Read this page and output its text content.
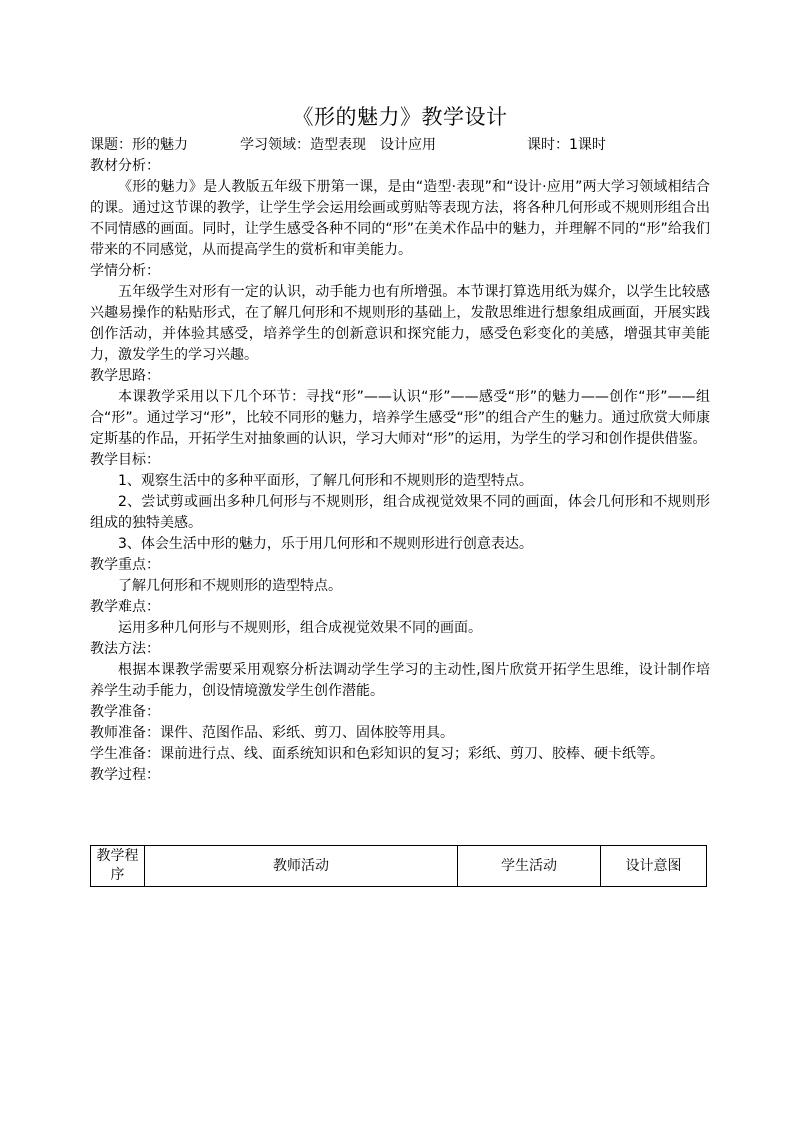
《形的魅力》教学设计
课题：形的魅力	学习领域：造型表现　设计应用	课时：1课时

教材分析：

《形的魅力》是人教版五年级下册第一课，是由“造型·表现”和“设计·应用”两大学习领域相结合的课。通过这节课的教学，让学生学会运用绘画或剪贴等表现方法，将各种几何形或不规则形组合出不同情感的画面。同时，让学生感受各种不同的“形”在美术作品中的魅力，并理解不同的“形”给我们带来的不同感觉，从而提高学生的赏析和审美能力。

学情分析：

五年级学生对形有一定的认识，动手能力也有所增强。本节课打算选用纸为媒介，以学生比较感兴趣易操作的粘贴形式，在了解几何形和不规则形的基础上，发散思维进行想象组成画面，开展实践创作活动，并体验其感受，培养学生的创新意识和探究能力，感受色彩变化的美感，增强其审美能力，激发学生的学习兴趣。

教学思路：

本课教学采用以下几个环节：寻找“形”——认识“形”——感受“形”的魅力——创作“形”——组合“形”。通过学习“形”，比较不同形的魅力，培养学生感受“形”的组合产生的魅力。通过欣赏大师康定斯基的作品，开拓学生对抽象画的认识，学习大师对“形”的运用，为学生的学习和创作提供借鉴。

教学目标：

1、观察生活中的多种平面形，了解几何形和不规则形的造型特点。

2、尝试剪或画出多种几何形与不规则形，组合成视觉效果不同的画面，体会几何形和不规则形组成的独特美感。

3、体会生活中形的魅力，乐于用几何形和不规则形进行创意表达。

教学重点：

了解几何形和不规则形的造型特点。

教学难点：

运用多种几何形与不规则形，组合成视觉效果不同的画面。

教法方法：

根据本课教学需要采用观察分析法调动学生学习的主动性,图片欣赏开拓学生思维，设计制作培养学生动手能力，创设情境激发学生创作潜能。

教学准备：

教师准备：课件、范图作品、彩纸、剪刀、固体胶等用具。

学生准备：课前进行点、线、面系统知识和色彩知识的复习；彩纸、剪刀、胶棒、硬卡纸等。

教学过程：

教学程序	教师活动	学生活动	设计意图
